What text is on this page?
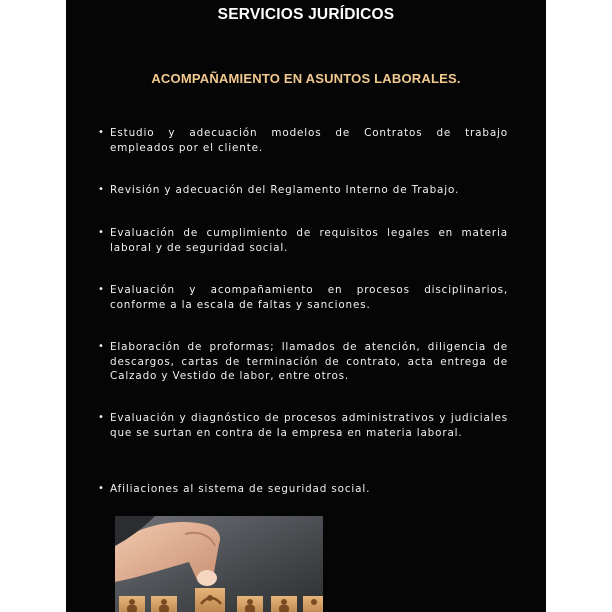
SERVICIOS JURÍDICOS
ACOMPAÑAMIENTO EN ASUNTOS LABORALES.
• Estudio y adecuación modelos de Contratos de trabajo empleados por el cliente.
• Revisión y adecuación del Reglamento Interno de Trabajo.
• Evaluación de cumplimiento de requisitos legales en materia laboral y de seguridad social.
• Evaluación y acompañamiento en procesos disciplinarios, conforme a la escala de faltas y sanciones.
• Elaboración de proformas; llamados de atención, diligencia de descargos, cartas de terminación de contrato, acta entrega de Calzado y Vestido de labor, entre otros.
• Evaluación y diagnóstico de procesos administrativos y judiciales que se surtan en contra de la empresa en materia laboral.
• Afiliaciones al sistema de seguridad social.
